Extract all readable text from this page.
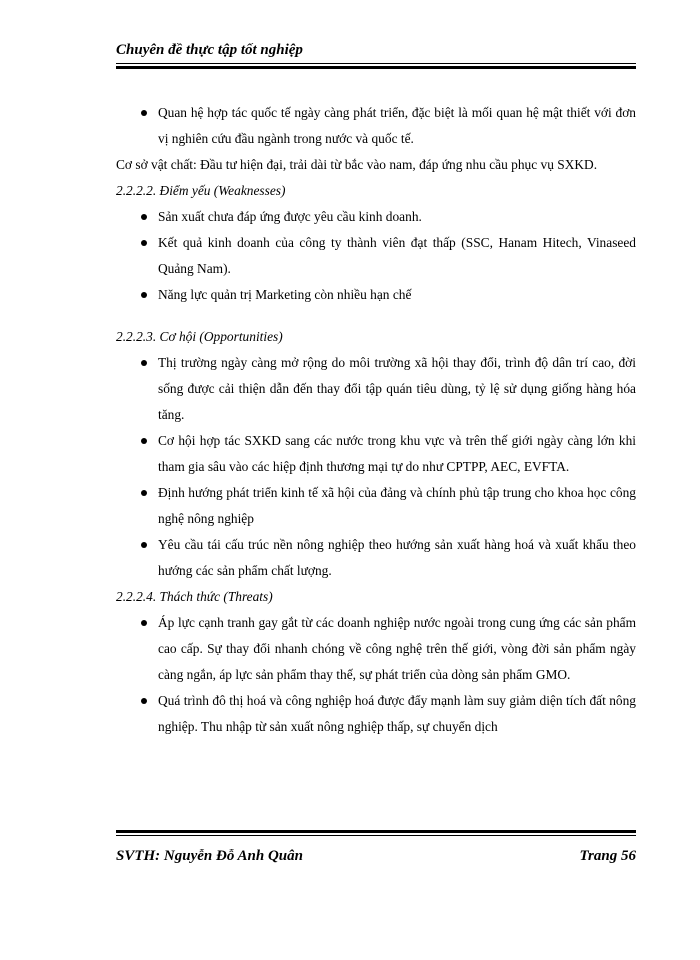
Chuyên đề thực tập tốt nghiệp
Quan hệ hợp tác quốc tế ngày càng phát triển, đặc biệt là mối quan hệ mật thiết với đơn vị nghiên cứu đầu ngành trong nước và quốc tế.

Cơ sở vật chất: Đầu tư hiện đại, trải dài từ bắc vào nam, đáp ứng nhu cầu phục vụ SXKD.

2.2.2.2. Điểm yếu (Weaknesses)

Sản xuất chưa đáp ứng được yêu cầu kinh doanh.
Kết quả kinh doanh của công ty thành viên đạt thấp (SSC, Hanam Hitech, Vinaseed Quảng Nam).
Năng lực quản trị Marketing còn nhiều hạn chế

2.2.2.3. Cơ hội (Opportunities)

Thị trường ngày càng mở rộng do môi trường xã hội thay đổi, trình độ dân trí cao, đời sống được cải thiện dẫn đến thay đổi tập quán tiêu dùng, tỷ lệ sử dụng giống hàng hóa tăng.
Cơ hội hợp tác SXKD sang các nước trong khu vực và trên thế giới ngày càng lớn khi tham gia sâu vào các hiệp định thương mại tự do như CPTPP, AEC, EVFTA.
Định hướng phát triển kinh tế xã hội của đảng và chính phủ tập trung cho khoa học công nghệ nông nghiệp
Yêu cầu tái cấu trúc nền nông nghiệp theo hướng sản xuất hàng hoá và xuất khẩu theo hướng các sản phẩm chất lượng.

2.2.2.4. Thách thức (Threats)

Áp lực cạnh tranh gay gắt từ các doanh nghiệp nước ngoài trong cung ứng các sản phẩm cao cấp. Sự thay đổi nhanh chóng về công nghệ trên thế giới, vòng đời sản phẩm ngày càng ngắn, áp lực sản phẩm thay thế, sự phát triển của dòng sản phẩm GMO.
Quá trình đô thị hoá và công nghiệp hoá được đẩy mạnh làm suy giảm diện tích đất nông nghiệp. Thu nhập từ sản xuất nông nghiệp thấp, sự chuyển dịch
SVTH: Nguyễn Đỗ Anh Quân	Trang 56
